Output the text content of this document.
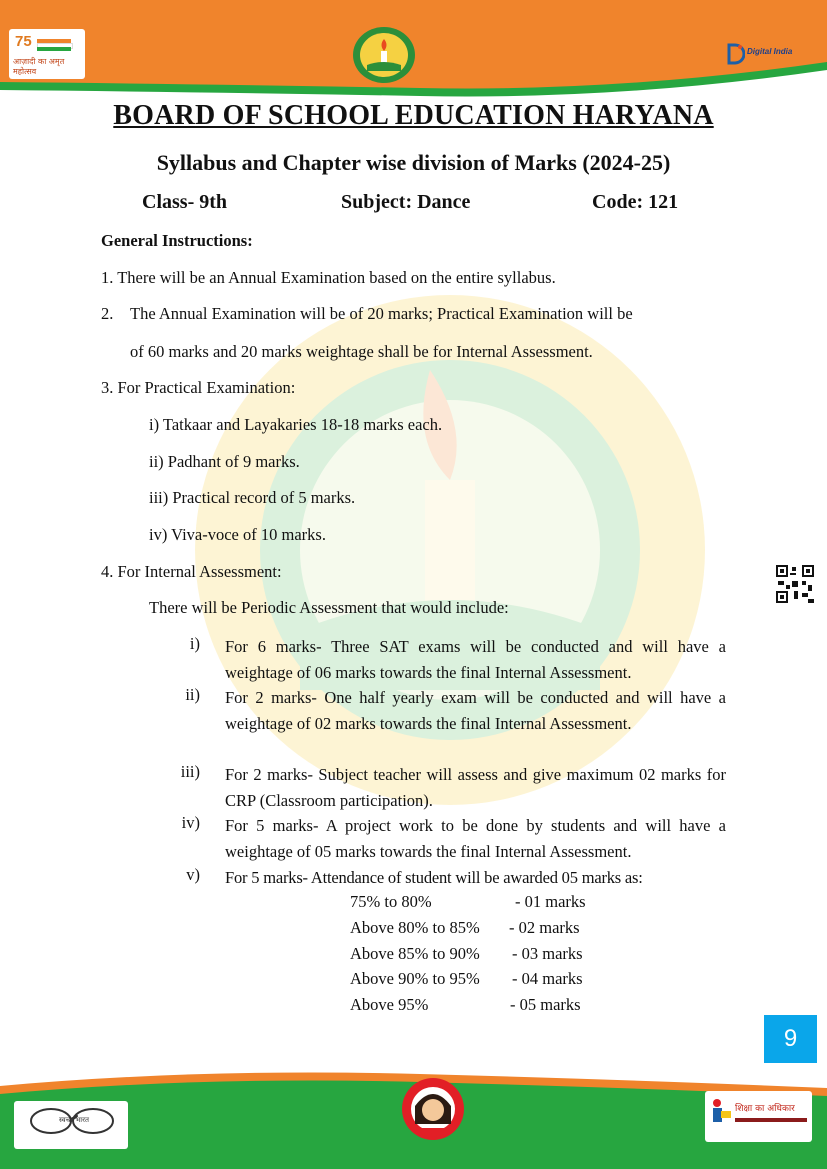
75
आज़ादी का अमृत महोत्सव
Digital India
BOARD OF SCHOOL EDUCATION HARYANA
Syllabus and Chapter wise division of Marks (2024-25)
Class- 9th	Subject: Dance	Code: 121
General Instructions:
1. There will be an Annual Examination based on the entire syllabus.
2. The Annual Examination will be of 20 marks; Practical Examination will be
of 60 marks and 20 marks weightage shall be for Internal Assessment.
3. For Practical Examination:
i) Tatkaar and Layakaries 18-18 marks each.
ii) Padhant of 9 marks.
iii) Practical record of 5 marks.
iv) Viva-voce of 10 marks.
4. For Internal Assessment:
There will be Periodic Assessment that would include:
i) For 6 marks- Three SAT exams will be conducted and will have a weightage of 06 marks towards the final Internal Assessment.
ii) For 2 marks- One half yearly exam will be conducted and will have a weightage of 02 marks towards the final Internal Assessment.
iii) For 2 marks- Subject teacher will assess and give maximum 02 marks for CRP (Classroom participation).
iv) For 5 marks- A project work to be done by students and will have a weightage of 05 marks towards the final Internal Assessment.
v) For 5 marks- Attendance of student will be awarded 05 marks as:
75% to 80%	- 01 marks
Above 80% to 85% - 02 marks
Above 85% to 90% - 03 marks
Above 90% to 95% - 04 marks
Above 95%	- 05 marks
9
स्वच्छ भारत
शिक्षा का अधिकार
